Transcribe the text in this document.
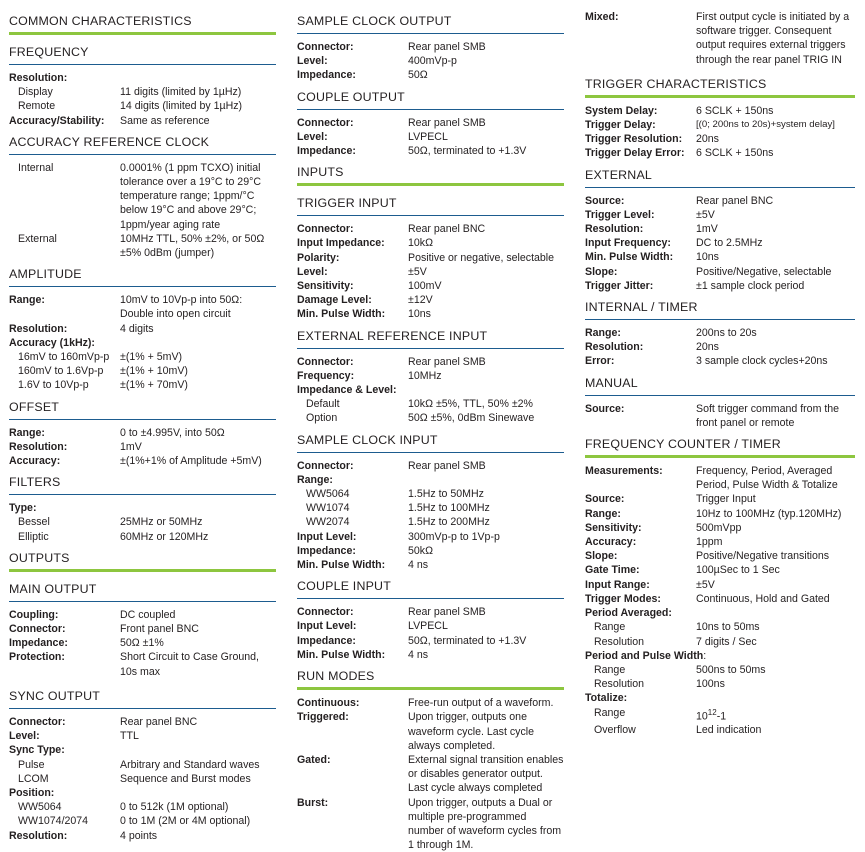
COMMON CHARACTERISTICS
FREQUENCY
Resolution:
Display	11 digits (limited by 1µHz)
Remote	14 digits (limited by 1µHz)
Accuracy/Stability:	Same as reference
ACCURACY REFERENCE CLOCK
Internal	0.0001% (1 ppm TCXO) initial tolerance over a 19°C to 29°C temperature range; 1ppm/°C below 19°C and above 29°C; 1ppm/year aging rate
External	10MHz TTL, 50% ±2%, or 50Ω ±5% 0dBm (jumper)
AMPLITUDE
Range:	10mV to 10Vp-p into 50Ω: Double into open circuit
Resolution:	4 digits
Accuracy (1kHz):
16mV to 160mVp-p	±(1% + 5mV)
160mV to 1.6Vp-p	±(1% + 10mV)
1.6V to 10Vp-p	±(1% + 70mV)
OFFSET
Range:	0 to ±4.995V, into 50Ω
Resolution:	1mV
Accuracy:	±(1%+1% of Amplitude +5mV)
FILTERS
Type:
Bessel	25MHz or 50MHz
Elliptic	60MHz or 120MHz
OUTPUTS
MAIN OUTPUT
Coupling:	DC coupled
Connector:	Front panel BNC
Impedance:	50Ω ±1%
Protection:	Short Circuit to Case Ground, 10s max
SYNC OUTPUT
Connector:	Rear panel BNC
Level:	TTL
Sync Type:
Pulse	Arbitrary and Standard waves
LCOM	Sequence and Burst modes
Position:
WW5064	0 to 512k (1M optional)
WW1074/2074	0 to 1M (2M or 4M optional)
Resolution:	4 points
SAMPLE CLOCK OUTPUT
Connector:	Rear panel SMB
Level:	400mVp-p
Impedance:	50Ω
COUPLE OUTPUT
Connector:	Rear panel SMB
Level:	LVPECL
Impedance:	50Ω, terminated to +1.3V
INPUTS
TRIGGER INPUT
Connector:	Rear panel BNC
Input Impedance:	10kΩ
Polarity:	Positive or negative, selectable
Level:	±5V
Sensitivity:	100mV
Damage Level:	±12V
Min. Pulse Width:	10ns
EXTERNAL REFERENCE INPUT
Connector:	Rear panel SMB
Frequency:	10MHz
Impedance & Level:
Default	10kΩ ±5%, TTL, 50% ±2%
Option	50Ω ±5%, 0dBm Sinewave
SAMPLE CLOCK INPUT
Connector:	Rear panel SMB
Range:
WW5064	1.5Hz to 50MHz
WW1074	1.5Hz to 100MHz
WW2074	1.5Hz to 200MHz
Input Level:	300mVp-p to 1Vp-p
Impedance:	50kΩ
Min. Pulse Width:	4 ns
COUPLE INPUT
Connector:	Rear panel SMB
Input Level:	LVPECL
Impedance:	50Ω, terminated to +1.3V
Min. Pulse Width:	4 ns
RUN MODES
Continuous:	Free-run output of a waveform.
Triggered:	Upon trigger, outputs one waveform cycle. Last cycle always completed.
Gated:	External signal transition enables or disables generator output. Last cycle always completed
Burst:	Upon trigger, outputs a Dual or multiple pre-programmed number of waveform cycles from 1 through 1M.
Mixed:	First output cycle is initiated by a software trigger. Consequent output requires external triggers through the rear panel TRIG IN
TRIGGER CHARACTERISTICS
System Delay:	6 SCLK + 150ns
Trigger Delay:	[(0; 200ns to 20s)+system delay]
Trigger Resolution:	20ns
Trigger Delay Error:	6 SCLK + 150ns
EXTERNAL
Source:	Rear panel BNC
Trigger Level:	±5V
Resolution:	1mV
Input Frequency:	DC to 2.5MHz
Min. Pulse Width:	10ns
Slope:	Positive/Negative, selectable
Trigger Jitter:	±1 sample clock period
INTERNAL / TIMER
Range:	200ns to 20s
Resolution:	20ns
Error:	3 sample clock cycles+20ns
MANUAL
Source:	Soft trigger command from the front panel or remote
FREQUENCY COUNTER / TIMER
Measurements:	Frequency, Period, Averaged Period, Pulse Width & Totalize
Source:	Trigger Input
Range:	10Hz to 100MHz (typ.120MHz)
Sensitivity:	500mVpp
Accuracy:	1ppm
Slope:	Positive/Negative transitions
Gate Time:	100µSec to 1 Sec
Input Range:	±5V
Trigger Modes:	Continuous, Hold and Gated
Period Averaged:
Range	10ns to 50ms
Resolution	7 digits / Sec
Period and Pulse Width:
Range	500ns to 50ms
Resolution	100ns
Totalize:
Range	$10^{12}-1$
Overflow	Led indication
